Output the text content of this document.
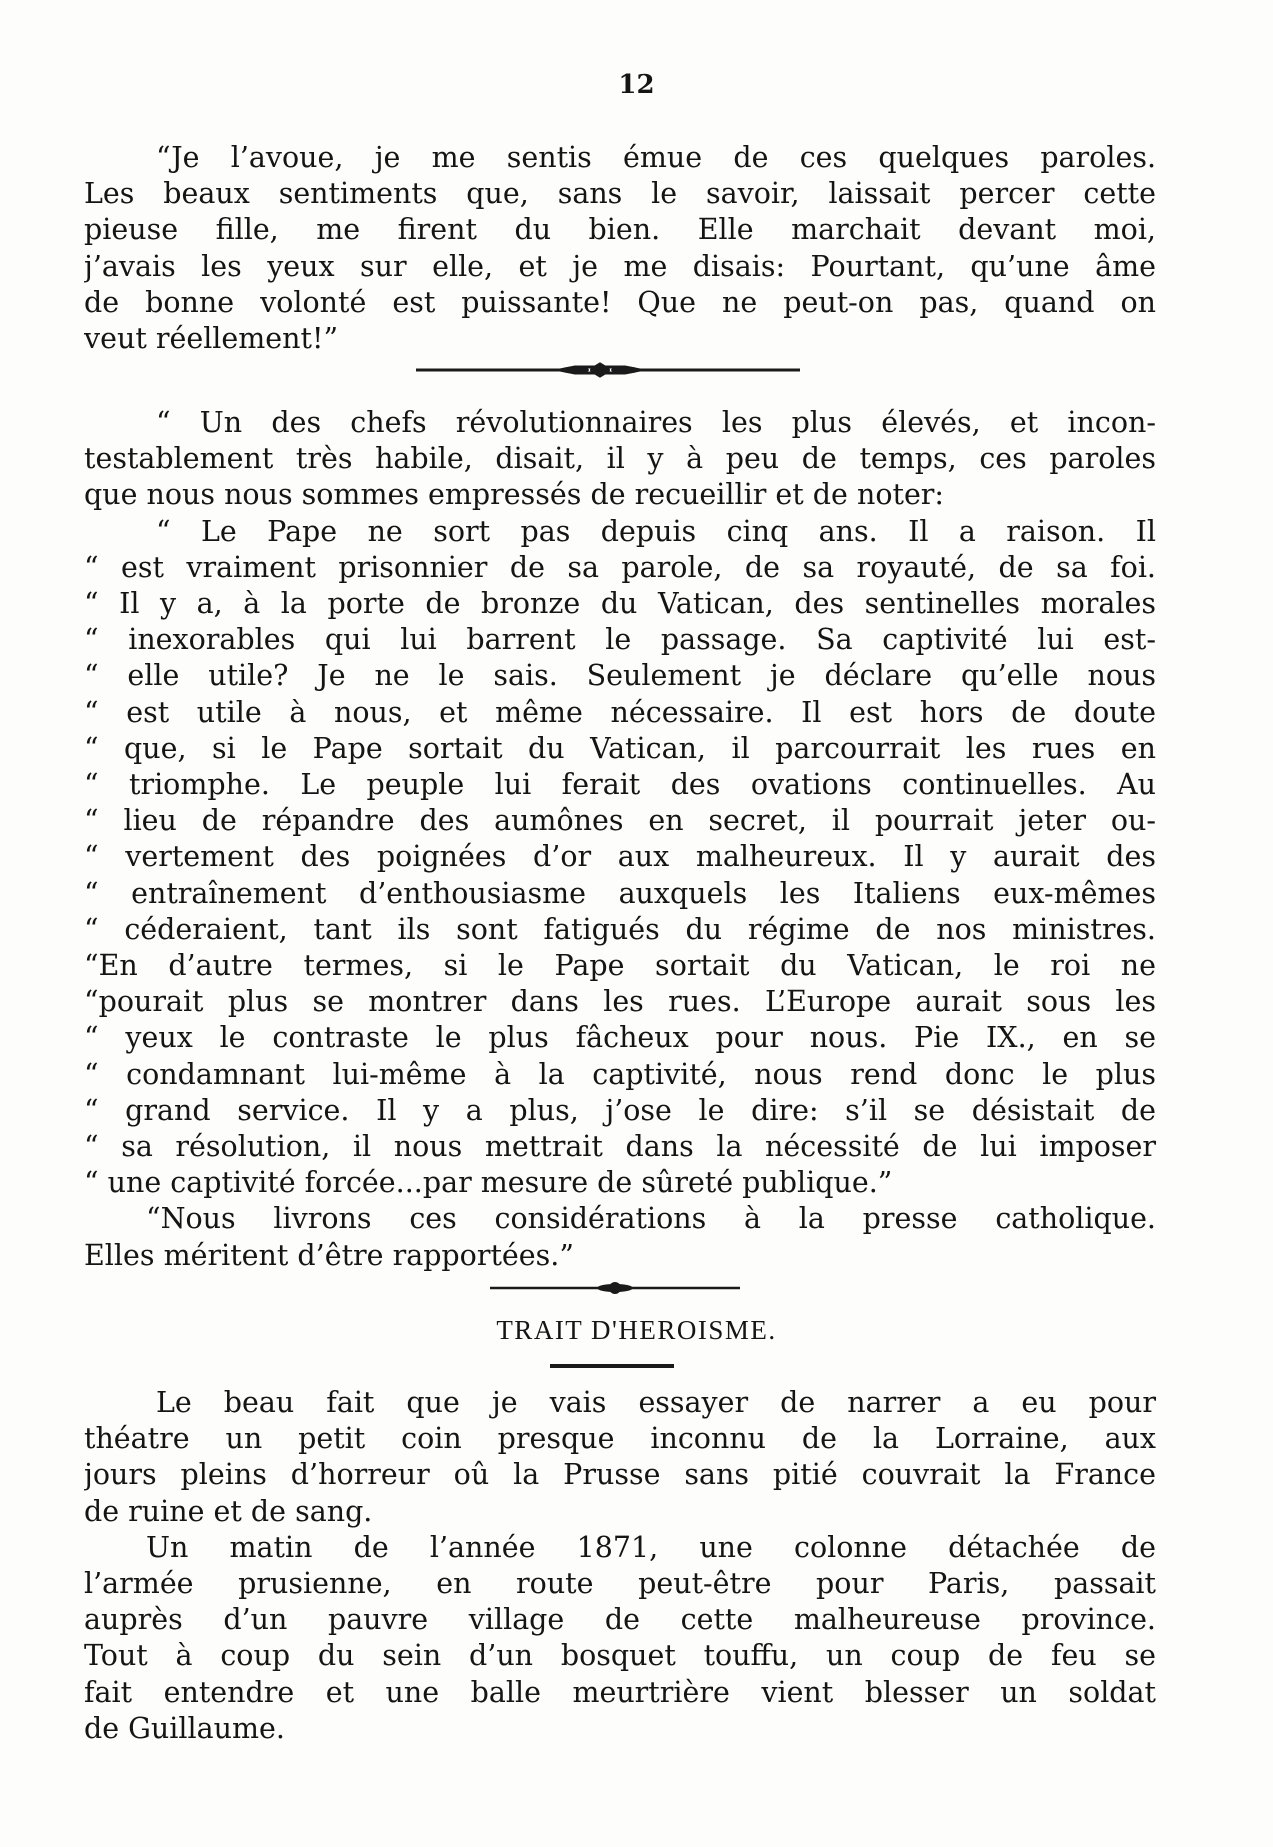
12
“Je l’avoue, je me sentis émue de ces quelques paroles.
Les beaux sentiments que, sans le savoir, laissait percer cette
pieuse fille, me firent du bien. Elle marchait devant moi,
j’avais les yeux sur elle, et je me disais: Pourtant, qu’une âme
de bonne volonté est puissante! Que ne peut-on pas, quand on
veut réellement!”
“ Un des chefs révolutionnaires les plus élevés, et incon-
testablement très habile, disait, il y à peu de temps, ces paroles
que nous nous sommes empressés de recueillir et de noter:
“ Le Pape ne sort pas depuis cinq ans. Il a raison. Il
“ est vraiment prisonnier de sa parole, de sa royauté, de sa foi.
“ Il y a, à la porte de bronze du Vatican, des sentinelles morales
“ inexorables qui lui barrent le passage. Sa captivité lui est-
“ elle utile? Je ne le sais. Seulement je déclare qu’elle nous
“ est utile à nous, et même nécessaire. Il est hors de doute
“ que, si le Pape sortait du Vatican, il parcourrait les rues en
“ triomphe. Le peuple lui ferait des ovations continuelles. Au
“ lieu de répandre des aumônes en secret, il pourrait jeter ou-
“ vertement des poignées d’or aux malheureux. Il y aurait des
“ entraînement d’enthousiasme auxquels les Italiens eux-mêmes
“ céderaient, tant ils sont fatigués du régime de nos ministres.
“En d’autre termes, si le Pape sortait du Vatican, le roi ne
“pourait plus se montrer dans les rues. L’Europe aurait sous les
“ yeux le contraste le plus fâcheux pour nous. Pie IX., en se
“ condamnant lui-même à la captivité, nous rend donc le plus
“ grand service. Il y a plus, j’ose le dire: s’il se désistait de
“ sa résolution, il nous mettrait dans la nécessité de lui imposer
“ une captivité forcée...par mesure de sûreté publique.”
“Nous livrons ces considérations à la presse catholique.
Elles méritent d’être rapportées.”
TRAIT D'HEROISME.
Le beau fait que je vais essayer de narrer a eu pour
théatre un petit coin presque inconnu de la Lorraine, aux
jours pleins d’horreur oû la Prusse sans pitié couvrait la France
de ruine et de sang.
Un matin de l’année 1871, une colonne détachée de
l’armée prusienne, en route peut-être pour Paris, passait
auprès d’un pauvre village de cette malheureuse province.
Tout à coup du sein d’un bosquet touffu, un coup de feu se
fait entendre et une balle meurtrière vient blesser un soldat
de Guillaume.
